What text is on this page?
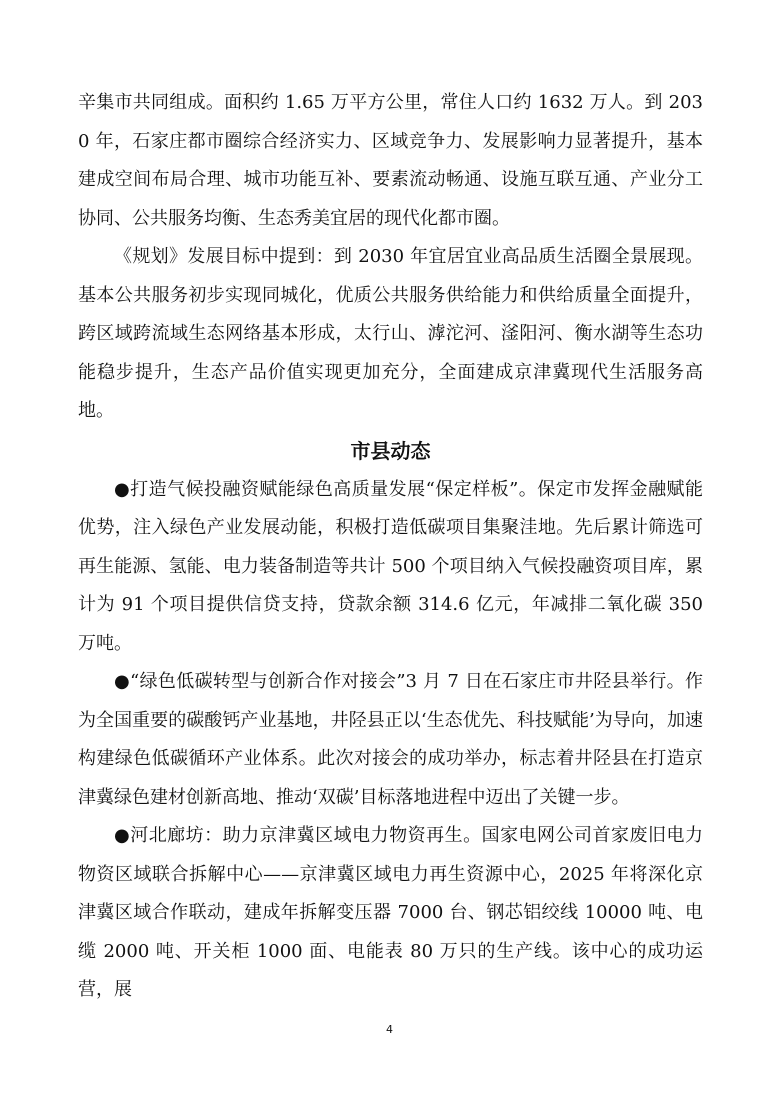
辛集市共同组成。面积约 1.65 万平方公里，常住人口约 1632 万人。到 2030 年，石家庄都市圈综合经济实力、区域竞争力、发展影响力显著提升，基本建成空间布局合理、城市功能互补、要素流动畅通、设施互联互通、产业分工协同、公共服务均衡、生态秀美宜居的现代化都市圈。

《规划》发展目标中提到：到 2030 年宜居宜业高品质生活圈全景展现。基本公共服务初步实现同城化，优质公共服务供给能力和供给质量全面提升，跨区域跨流域生态网络基本形成，太行山、滹沱河、滏阳河、衡水湖等生态功能稳步提升，生态产品价值实现更加充分，全面建成京津冀现代生活服务高地。

市县动态

●打造气候投融资赋能绿色高质量发展“保定样板”。保定市发挥金融赋能优势，注入绿色产业发展动能，积极打造低碳项目集聚洼地。先后累计筛选可再生能源、氢能、电力装备制造等共计 500 个项目纳入气候投融资项目库，累计为 91 个项目提供信贷支持，贷款余额 314.6 亿元，年减排二氧化碳 350 万吨。

●“绿色低碳转型与创新合作对接会”3 月 7 日在石家庄市井陉县举行。作为全国重要的碳酸钙产业基地，井陉县正以‘生态优先、科技赋能’为导向，加速构建绿色低碳循环产业体系。此次对接会的成功举办，标志着井陉县在打造京津冀绿色建材创新高地、推动‘双碳’目标落地进程中迈出了关键一步。

●河北廊坊：助力京津冀区域电力物资再生。国家电网公司首家废旧电力物资区域联合拆解中心——京津冀区域电力再生资源中心，2025 年将深化京津冀区域合作联动，建成年拆解变压器 7000 台、钢芯铝绞线 10000 吨、电缆 2000 吨、开关柜 1000 面、电能表 80 万只的生产线。该中心的成功运营，展

4
